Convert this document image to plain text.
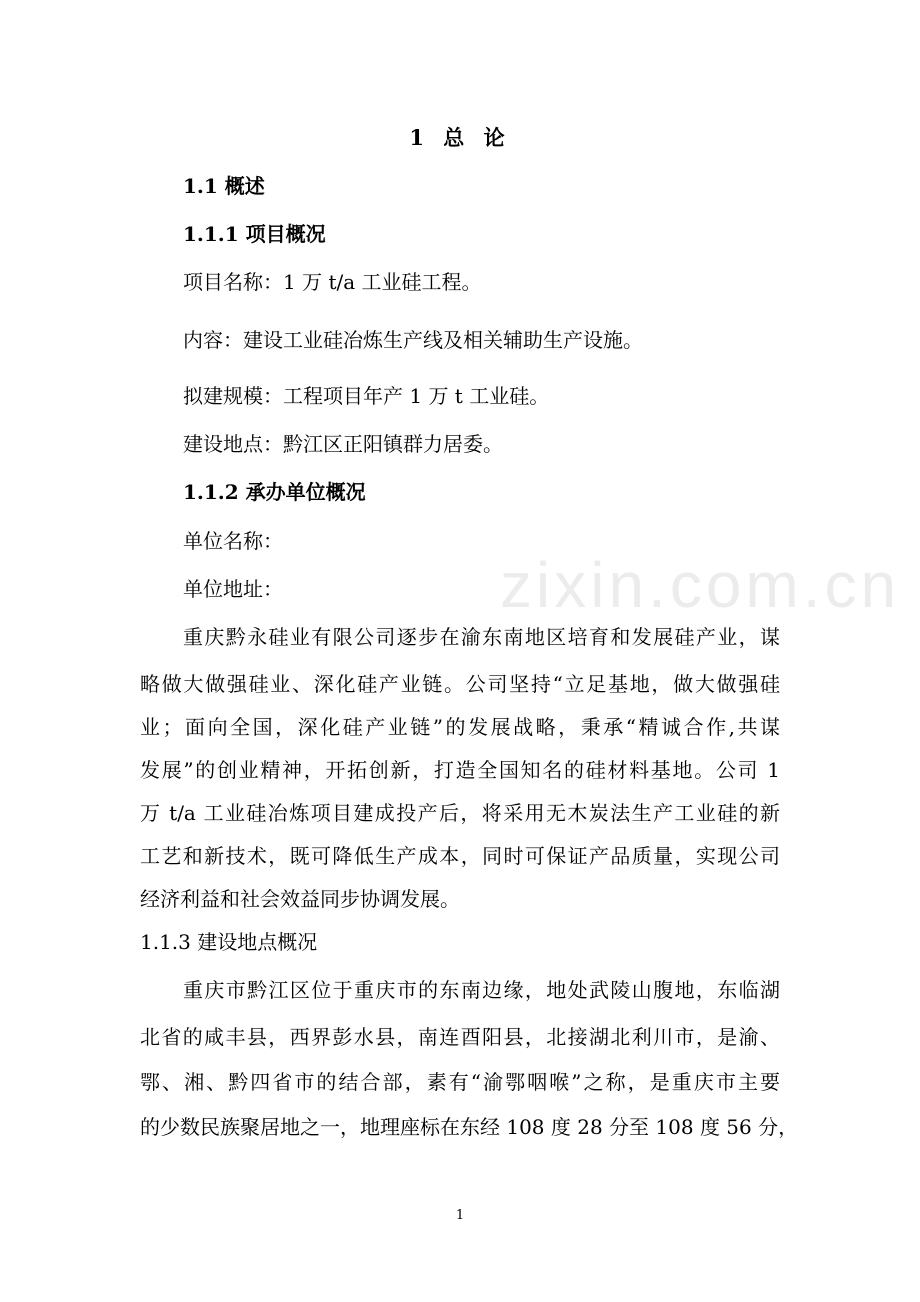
zixin.com.cn
1 总 论
1.1 概述
1.1.1 项目概况
项目名称：1 万 t/a 工业硅工程。
内容：建设工业硅冶炼生产线及相关辅助生产设施。
拟建规模：工程项目年产 1 万 t 工业硅。
建设地点：黔江区正阳镇群力居委。
1.1.2 承办单位概况
单位名称：
单位地址：
重庆黔永硅业有限公司逐步在渝东南地区培育和发展硅产业，谋
略做大做强硅业、深化硅产业链。公司坚持“立足基地，做大做强硅
业；面向全国，深化硅产业链”的发展战略，秉承“精诚合作,共谋
发展”的创业精神，开拓创新，打造全国知名的硅材料基地。公司 1
万 t/a 工业硅冶炼项目建成投产后，将采用无木炭法生产工业硅的新
工艺和新技术，既可降低生产成本，同时可保证产品质量，实现公司
经济利益和社会效益同步协调发展。
1.1.3 建设地点概况
重庆市黔江区位于重庆市的东南边缘，地处武陵山腹地，东临湖
北省的咸丰县，西界彭水县，南连酉阳县，北接湖北利川市，是渝、
鄂、湘、黔四省市的结合部，素有“渝鄂咽喉”之称，是重庆市主要
的少数民族聚居地之一，地理座标在东经 108 度 28 分至 108 度 56 分，
1
